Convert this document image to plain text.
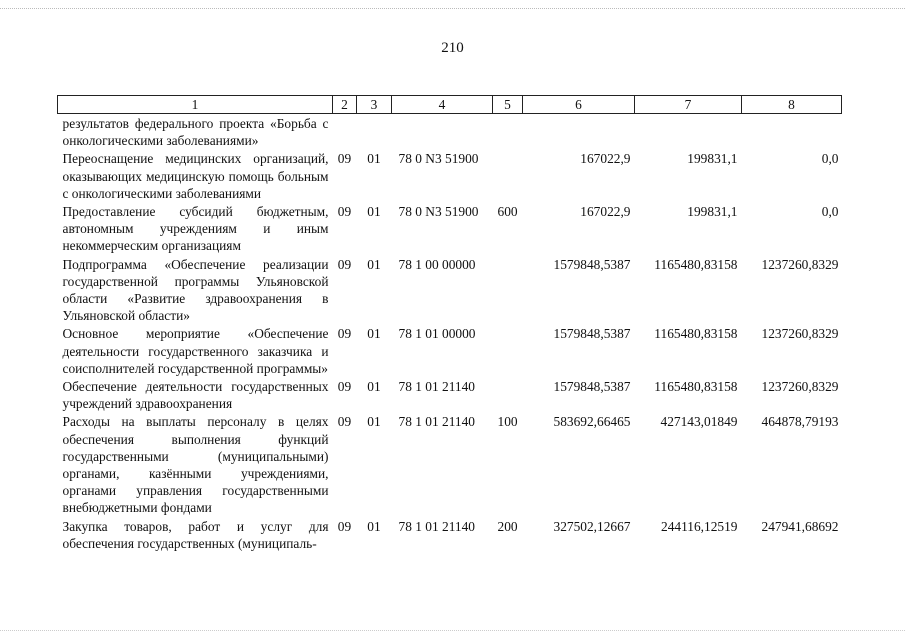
210
1	2	3	4	5	6	7	8
результатов федерального проекта «Борьба с онкологическими заболеваниями»							
Переоснащение медицинских организаций, оказывающих медицинскую помощь больным с онкологическими заболеваниями	09	01	78 0 N3 51900		167022,9	199831,1	0,0
Предоставление субсидий бюджетным, автономным учреждениям и иным некоммерческим организациям	09	01	78 0 N3 51900	600	167022,9	199831,1	0,0
Подпрограмма «Обеспечение реализации государственной программы Ульяновской области «Развитие здравоохранения в Ульяновской области»	09	01	78 1 00 00000		1579848,5387	1165480,83158	1237260,8329
Основное мероприятие «Обеспечение деятельности государственного заказчика и соисполнителей государственной программы»	09	01	78 1 01 00000		1579848,5387	1165480,83158	1237260,8329
Обеспечение деятельности государственных учреждений здравоохранения	09	01	78 1 01 21140		1579848,5387	1165480,83158	1237260,8329
Расходы на выплаты персоналу в целях обеспечения выполнения функций государственными (муниципальными) органами, казёнными учреждениями, органами управления государственными внебюджетными фондами	09	01	78 1 01 21140	100	583692,66465	427143,01849	464878,79193
Закупка товаров, работ и услуг для обеспечения государственных (муниципаль-	09	01	78 1 01 21140	200	327502,12667	244116,12519	247941,68692
